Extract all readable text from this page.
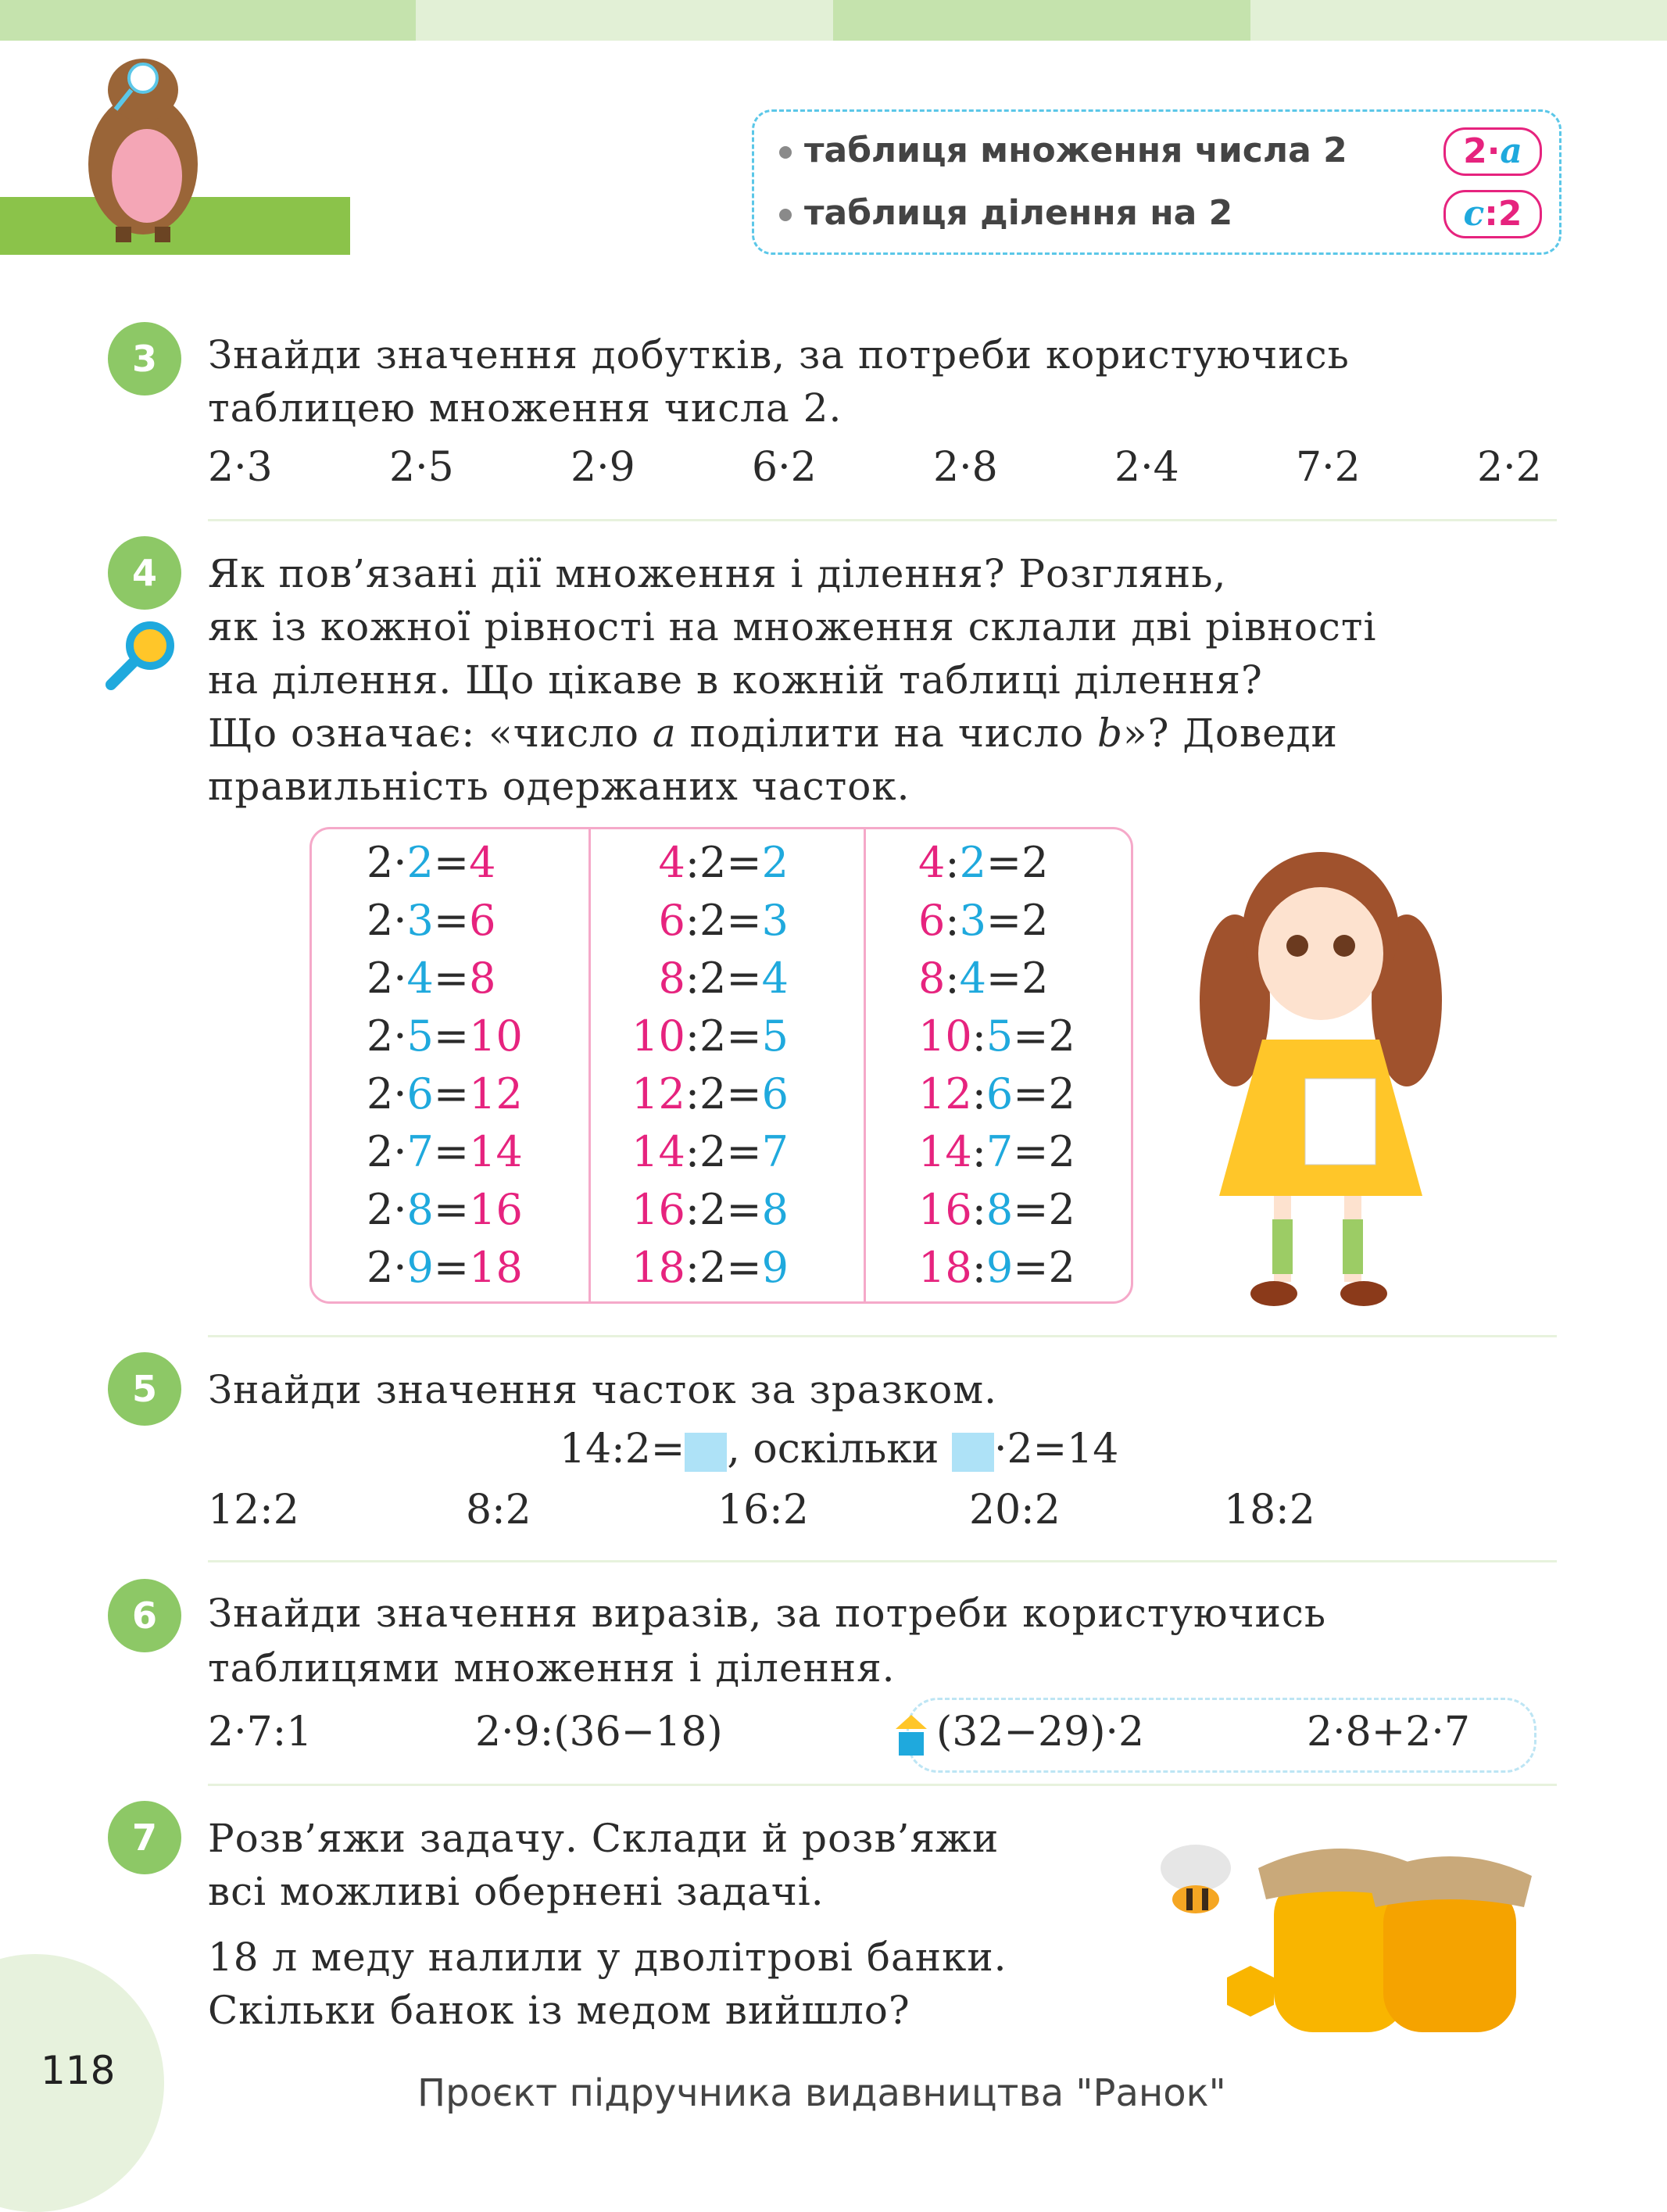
таблиця множення числа 2
таблиця ділення на 2
2·a
c:2
3	Знайди значення добутків, за потреби користуючись
таблицею множення числа 2.
2·3	2·5	2·9	6·2	2·8	2·4	7·2	2·2
4	Як пов’язані дії множення і ділення? Розглянь,
як із кожної рівності на множення склали дві рівності
на ділення. Що цікаве в кожній таблиці ділення?
Що означає: «число a поділити на число b»? Доведи
правильність одержаних часток.
2·2=4	4:2=2	4:2=2
2·3=6	6:2=3	6:3=2
2·4=8	8:2=4	8:4=2
2·5=10	10:2=5	10:5=2
2·6=12	12:2=6	12:6=2
2·7=14	14:2=7	14:7=2
2·8=16	16:2=8	16:8=2
2·9=18	18:2=9	18:9=2
5	Знайди значення часток за зразком.
14:2= , оскільки ·2=14
12:2	8:2	16:2	20:2	18:2
6	Знайди значення виразів, за потреби користуючись
таблицями множення і ділення.
2·7:1	2·9:(36−18)	(32−29)·2	2·8+2·7
7	Розв’яжи задачу. Склади й розв’яжи
всі можливі обернені задачі.
18 л меду налили у дволітрові банки.
Скільки банок із медом вийшло?
118	Проєкт підручника видавництва "Ранок"
